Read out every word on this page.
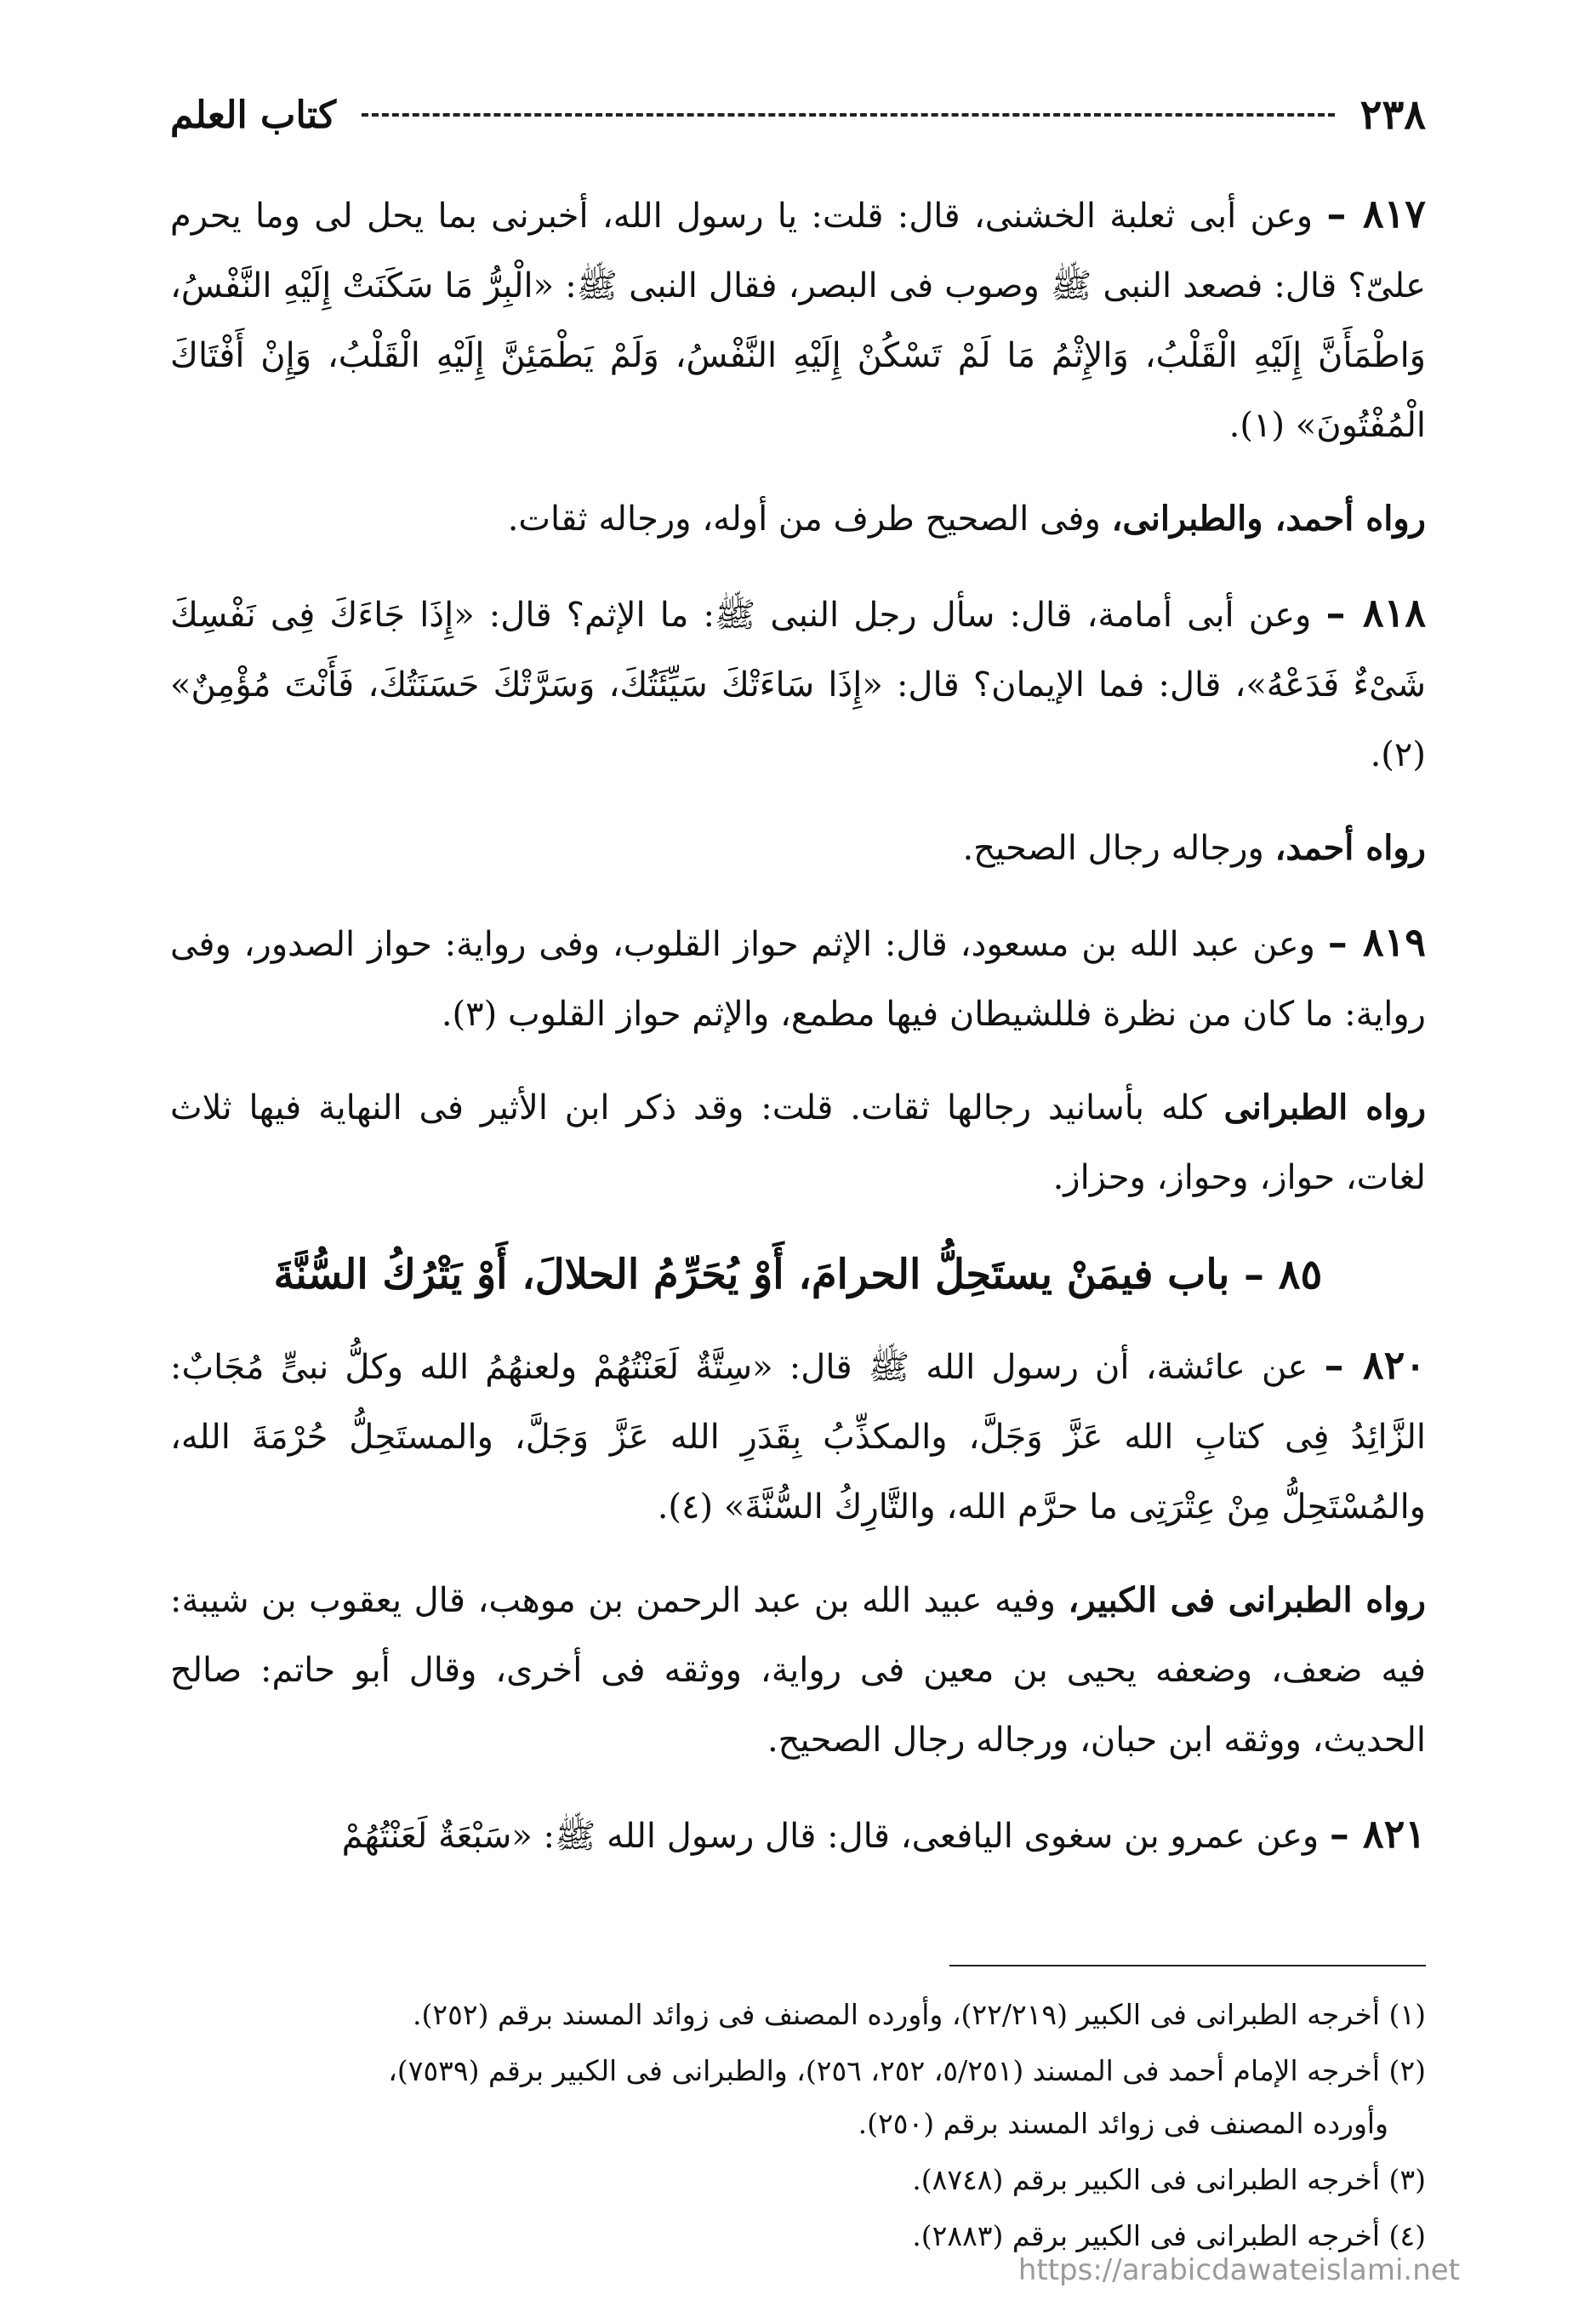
٢٣٨
كتاب العلم
٨١٧ – وعن أبى ثعلبة الخشنى، قال: قلت: يا رسول الله، أخبرنى بما يحل لى وما يحرم علىّ؟ قال: فصعد النبى ﷺ وصوب فى البصر، فقال النبى ﷺ: «الْبِرُّ مَا سَكَنَتْ إِلَيْهِ النَّفْسُ، وَاطْمَأَنَّ إِلَيْهِ الْقَلْبُ، وَالإِثْمُ مَا لَمْ تَسْكُنْ إِلَيْهِ النَّفْسُ، وَلَمْ يَطْمَئِنَّ إِلَيْهِ الْقَلْبُ، وَإِنْ أَفْتَاكَ الْمُفْتُونَ» (١).
رواه أحمد، والطبرانى، وفى الصحيح طرف من أوله، ورجاله ثقات.
٨١٨ – وعن أبى أمامة، قال: سأل رجل النبى ﷺ: ما الإثم؟ قال: «إِذَا جَاءَكَ فِى نَفْسِكَ شَىْءٌ فَدَعْهُ»، قال: فما الإيمان؟ قال: «إِذَا سَاءَتْكَ سَيِّئَتُكَ، وَسَرَّتْكَ حَسَنَتُكَ، فَأَنْتَ مُؤْمِنٌ» (٢).
رواه أحمد، ورجاله رجال الصحيح.
٨١٩ – وعن عبد الله بن مسعود، قال: الإثم حواز القلوب، وفى رواية: حواز الصدور، وفى رواية: ما كان من نظرة فللشيطان فيها مطمع، والإثم حواز القلوب (٣).
رواه الطبرانى كله بأسانيد رجالها ثقات. قلت: وقد ذكر ابن الأثير فى النهاية فيها ثلاث لغات، حواز، وحواز، وحزاز.
٨٥ – باب فيمَنْ يستَحِلُّ الحرامَ، أَوْ يُحَرِّمُ الحلالَ، أَوْ يَتْرُكُ السُّنَّةَ
٨٢٠ – عن عائشة، أن رسول الله ﷺ قال: «سِتَّةٌ لَعَنْتُهُمْ ولعنهُمُ الله وكلُّ نبىٍّ مُجَابٌ: الزَّائِدُ فِى كتابِ الله عَزَّ وَجَلَّ، والمكذِّبُ بِقَدَرِ الله عَزَّ وَجَلَّ، والمستَحِلُّ حُرْمَةَ الله، والمُسْتَحِلُّ مِنْ عِتْرَتِى ما حرَّم الله، والتَّارِكُ السُّنَّةَ» (٤).
رواه الطبرانى فى الكبير، وفيه عبيد الله بن عبد الرحمن بن موهب، قال يعقوب بن شيبة: فيه ضعف، وضعفه يحيى بن معين فى رواية، ووثقه فى أخرى، وقال أبو حاتم: صالح الحديث، ووثقه ابن حبان، ورجاله رجال الصحيح.
٨٢١ – وعن عمرو بن سغوى اليافعى، قال: قال رسول الله ﷺ: «سَبْعَةٌ لَعَنْتُهُمْ
(١) أخرجه الطبرانى فى الكبير (٢٢/٢١٩)، وأورده المصنف فى زوائد المسند برقم (٢٥٢).
(٢) أخرجه الإمام أحمد فى المسند (٥/٢٥١، ٢٥٢، ٢٥٦)، والطبرانى فى الكبير برقم (٧٥٣٩)،
وأورده المصنف فى زوائد المسند برقم (٢٥٠).
(٣) أخرجه الطبرانى فى الكبير برقم (٨٧٤٨).
(٤) أخرجه الطبرانى فى الكبير برقم (٢٨٨٣).
https://arabicdawateislami.net
